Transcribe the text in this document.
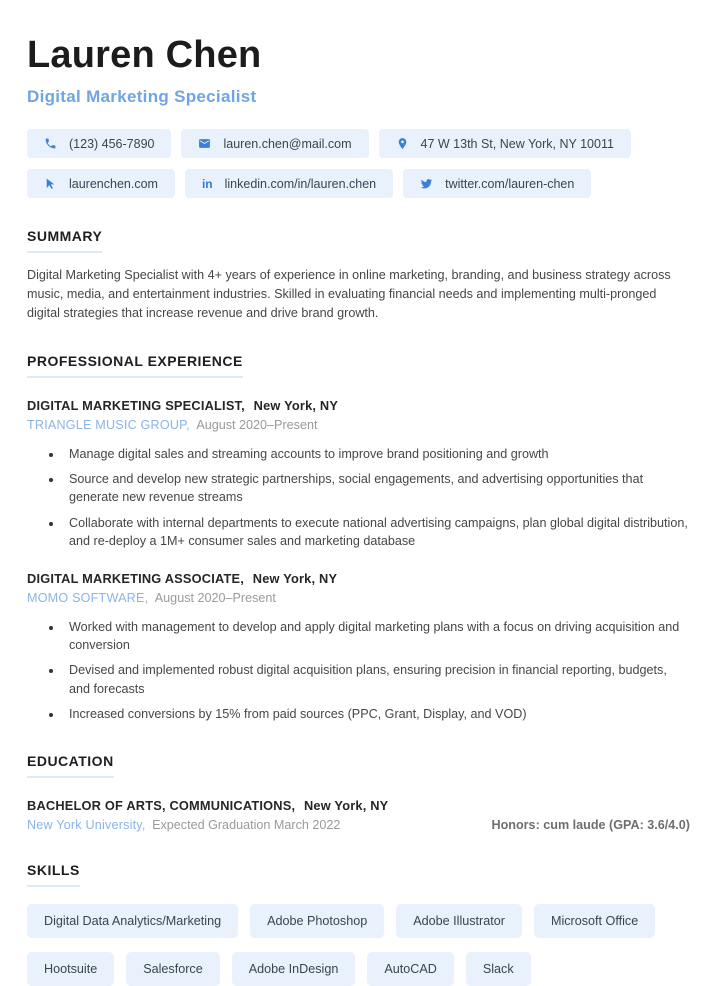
Lauren Chen
Digital Marketing Specialist
(123) 456-7890	lauren.chen@mail.com	47 W 13th St, New York, NY 10011
laurenchen.com	in linkedin.com/in/lauren.chen	twitter.com/lauren-chen
SUMMARY

Digital Marketing Specialist with 4+ years of experience in online marketing, branding, and business strategy across music, media, and entertainment industries. Skilled in evaluating financial needs and implementing multi-pronged digital strategies that increase revenue and drive brand growth.

PROFESSIONAL EXPERIENCE
DIGITAL MARKETING SPECIALIST, New York, NY
TRIANGLE MUSIC GROUP, August 2020–Present
• Manage digital sales and streaming accounts to improve brand positioning and growth
• Source and develop new strategic partnerships, social engagements, and advertising opportunities that generate new revenue streams
• Collaborate with internal departments to execute national advertising campaigns, plan global digital distribution, and re-deploy a 1M+ consumer sales and marketing database
DIGITAL MARKETING ASSOCIATE, New York, NY
MOMO SOFTWARE, August 2020–Present
• Worked with management to develop and apply digital marketing plans with a focus on driving acquisition and conversion
• Devised and implemented robust digital acquisition plans, ensuring precision in financial reporting, budgets, and forecasts
• Increased conversions by 15% from paid sources (PPC, Grant, Display, and VOD)
EDUCATION
BACHELOR OF ARTS, COMMUNICATIONS, New York, NY
New York University, Expected Graduation March 2022	Honors: cum laude (GPA: 3.6/4.0)
SKILLS
Digital Data Analytics/Marketing	Adobe Photoshop	Adobe Illustrator	Microsoft Office
Hootsuite	Salesforce	Adobe InDesign	AutoCAD	Slack
